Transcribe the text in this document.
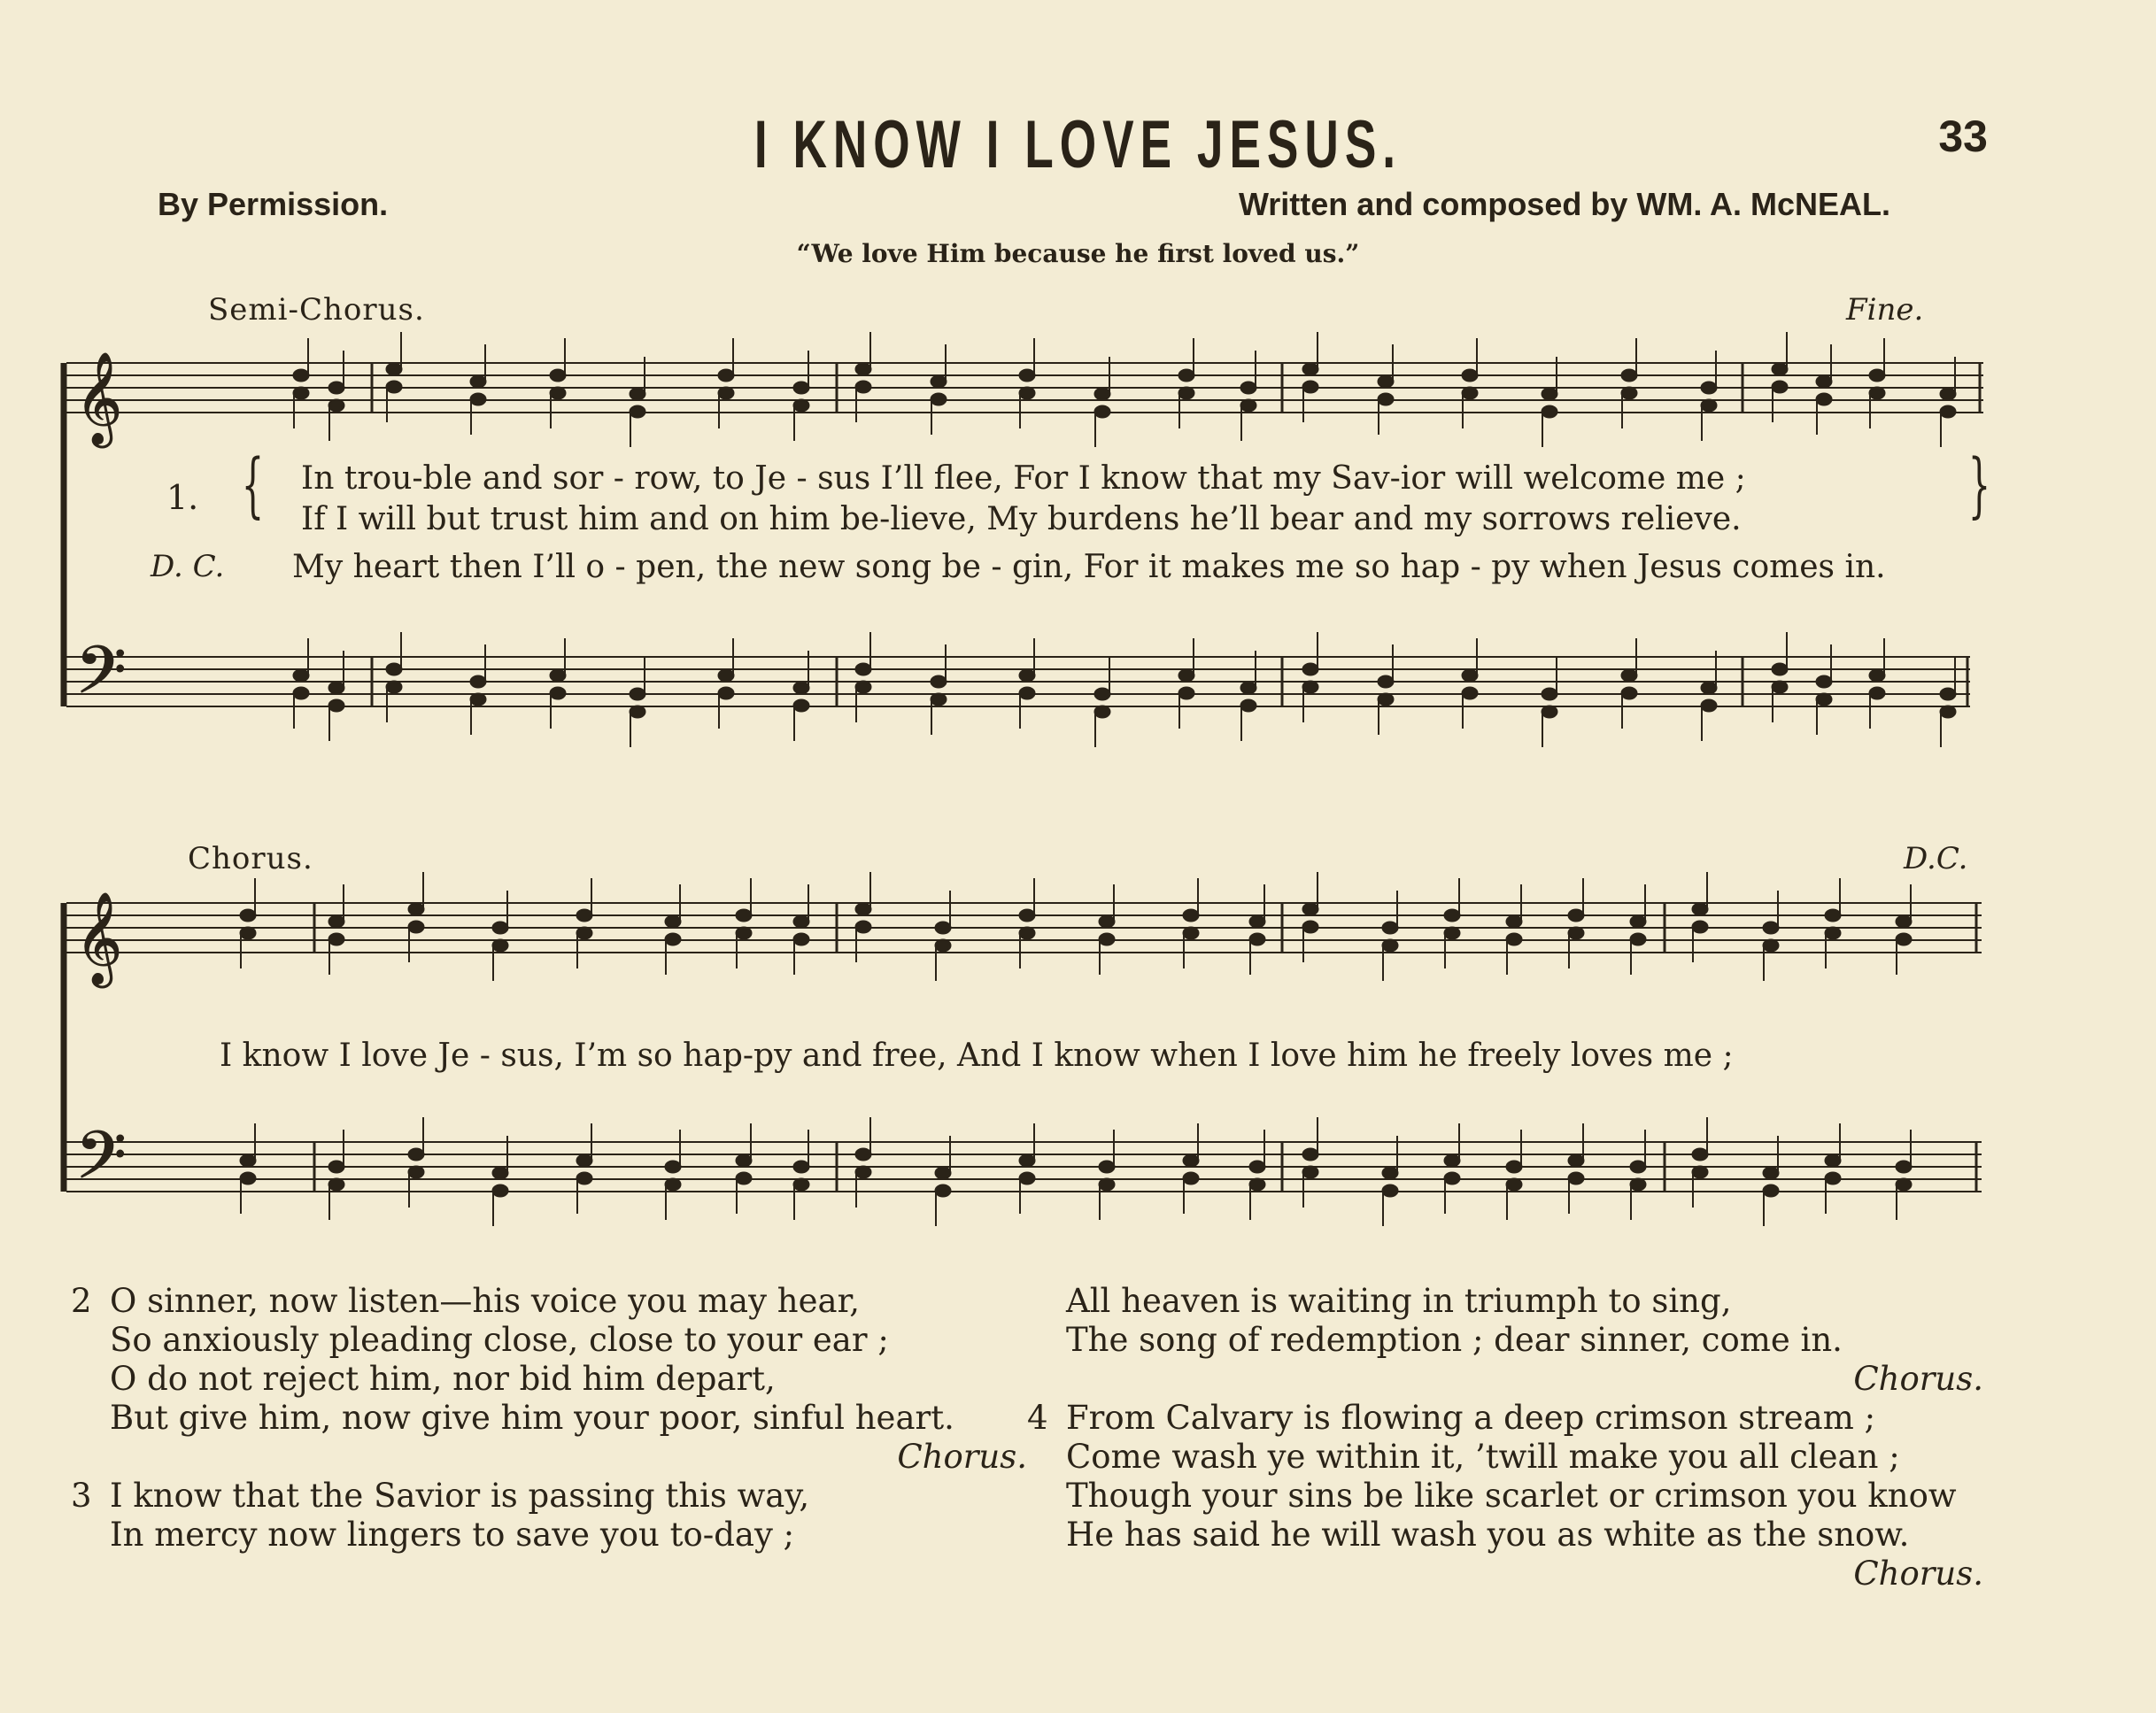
I KNOW I LOVE JESUS.	33
By Permission.	Written and composed by WM. A. McNEAL.
“We love Him because he first loved us.”
𝄞
𝄢
𝄞
𝄢
Semi-Chorus.	Fine.
1. { In trou-ble and sor - row, to Je - sus I’ll flee, For I know that my Sav-ior will welcome me ;
If I will but trust him and on him be-lieve, My burdens he’ll bear and my sorrows relieve.	}
D. C. My heart then I’ll o - pen, the new song be - gin, For it makes me so hap - py when Jesus comes in.
Chorus.	D.C.
I know I love Je - sus, I’m so hap-py and free, And I know when I love him he freely loves me ;
2 O sinner, now listen—his voice you may hear,
So anxiously pleading close, close to your ear ;
O do not reject him, nor bid him depart,
But give him, now give him your poor, sinful heart.
Chorus.
3 I know that the Savior is passing this way,
In mercy now lingers to save you to-day ;
All heaven is waiting in triumph to sing,
The song of redemption ; dear sinner, come in.
Chorus.
4 From Calvary is flowing a deep crimson stream ;
Come wash ye within it, ’twill make you all clean ;
Though your sins be like scarlet or crimson you know
He has said he will wash you as white as the snow.
Chorus.
